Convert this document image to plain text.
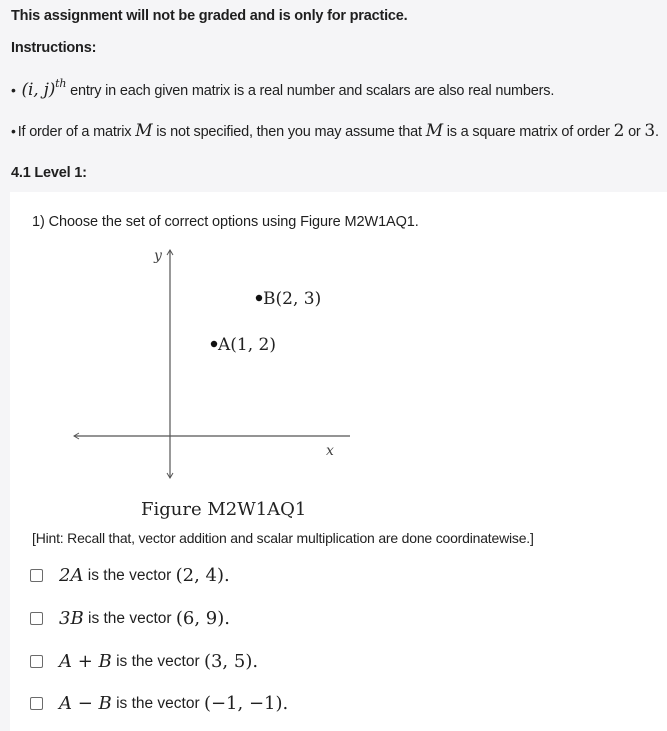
This assignment will not be graded and is only for practice.
Instructions:
• (i, j)$^{th}$ entry in each given matrix is a real number and scalars are also real numbers.
• If order of a matrix M is not specified, then you may assume that M is a square matrix of order 2 or 3.
4.1 Level 1:
1) Choose the set of correct options using Figure M2W1AQ1.
y
x
B(2, 3)
A(1, 2)
Figure M2W1AQ1
[Hint: Recall that, vector addition and scalar multiplication are done coordinatewise.]
2A is the vector (2, 4).
3B is the vector (6, 9).
A + B is the vector (3, 5).
A − B is the vector (−1, −1).
